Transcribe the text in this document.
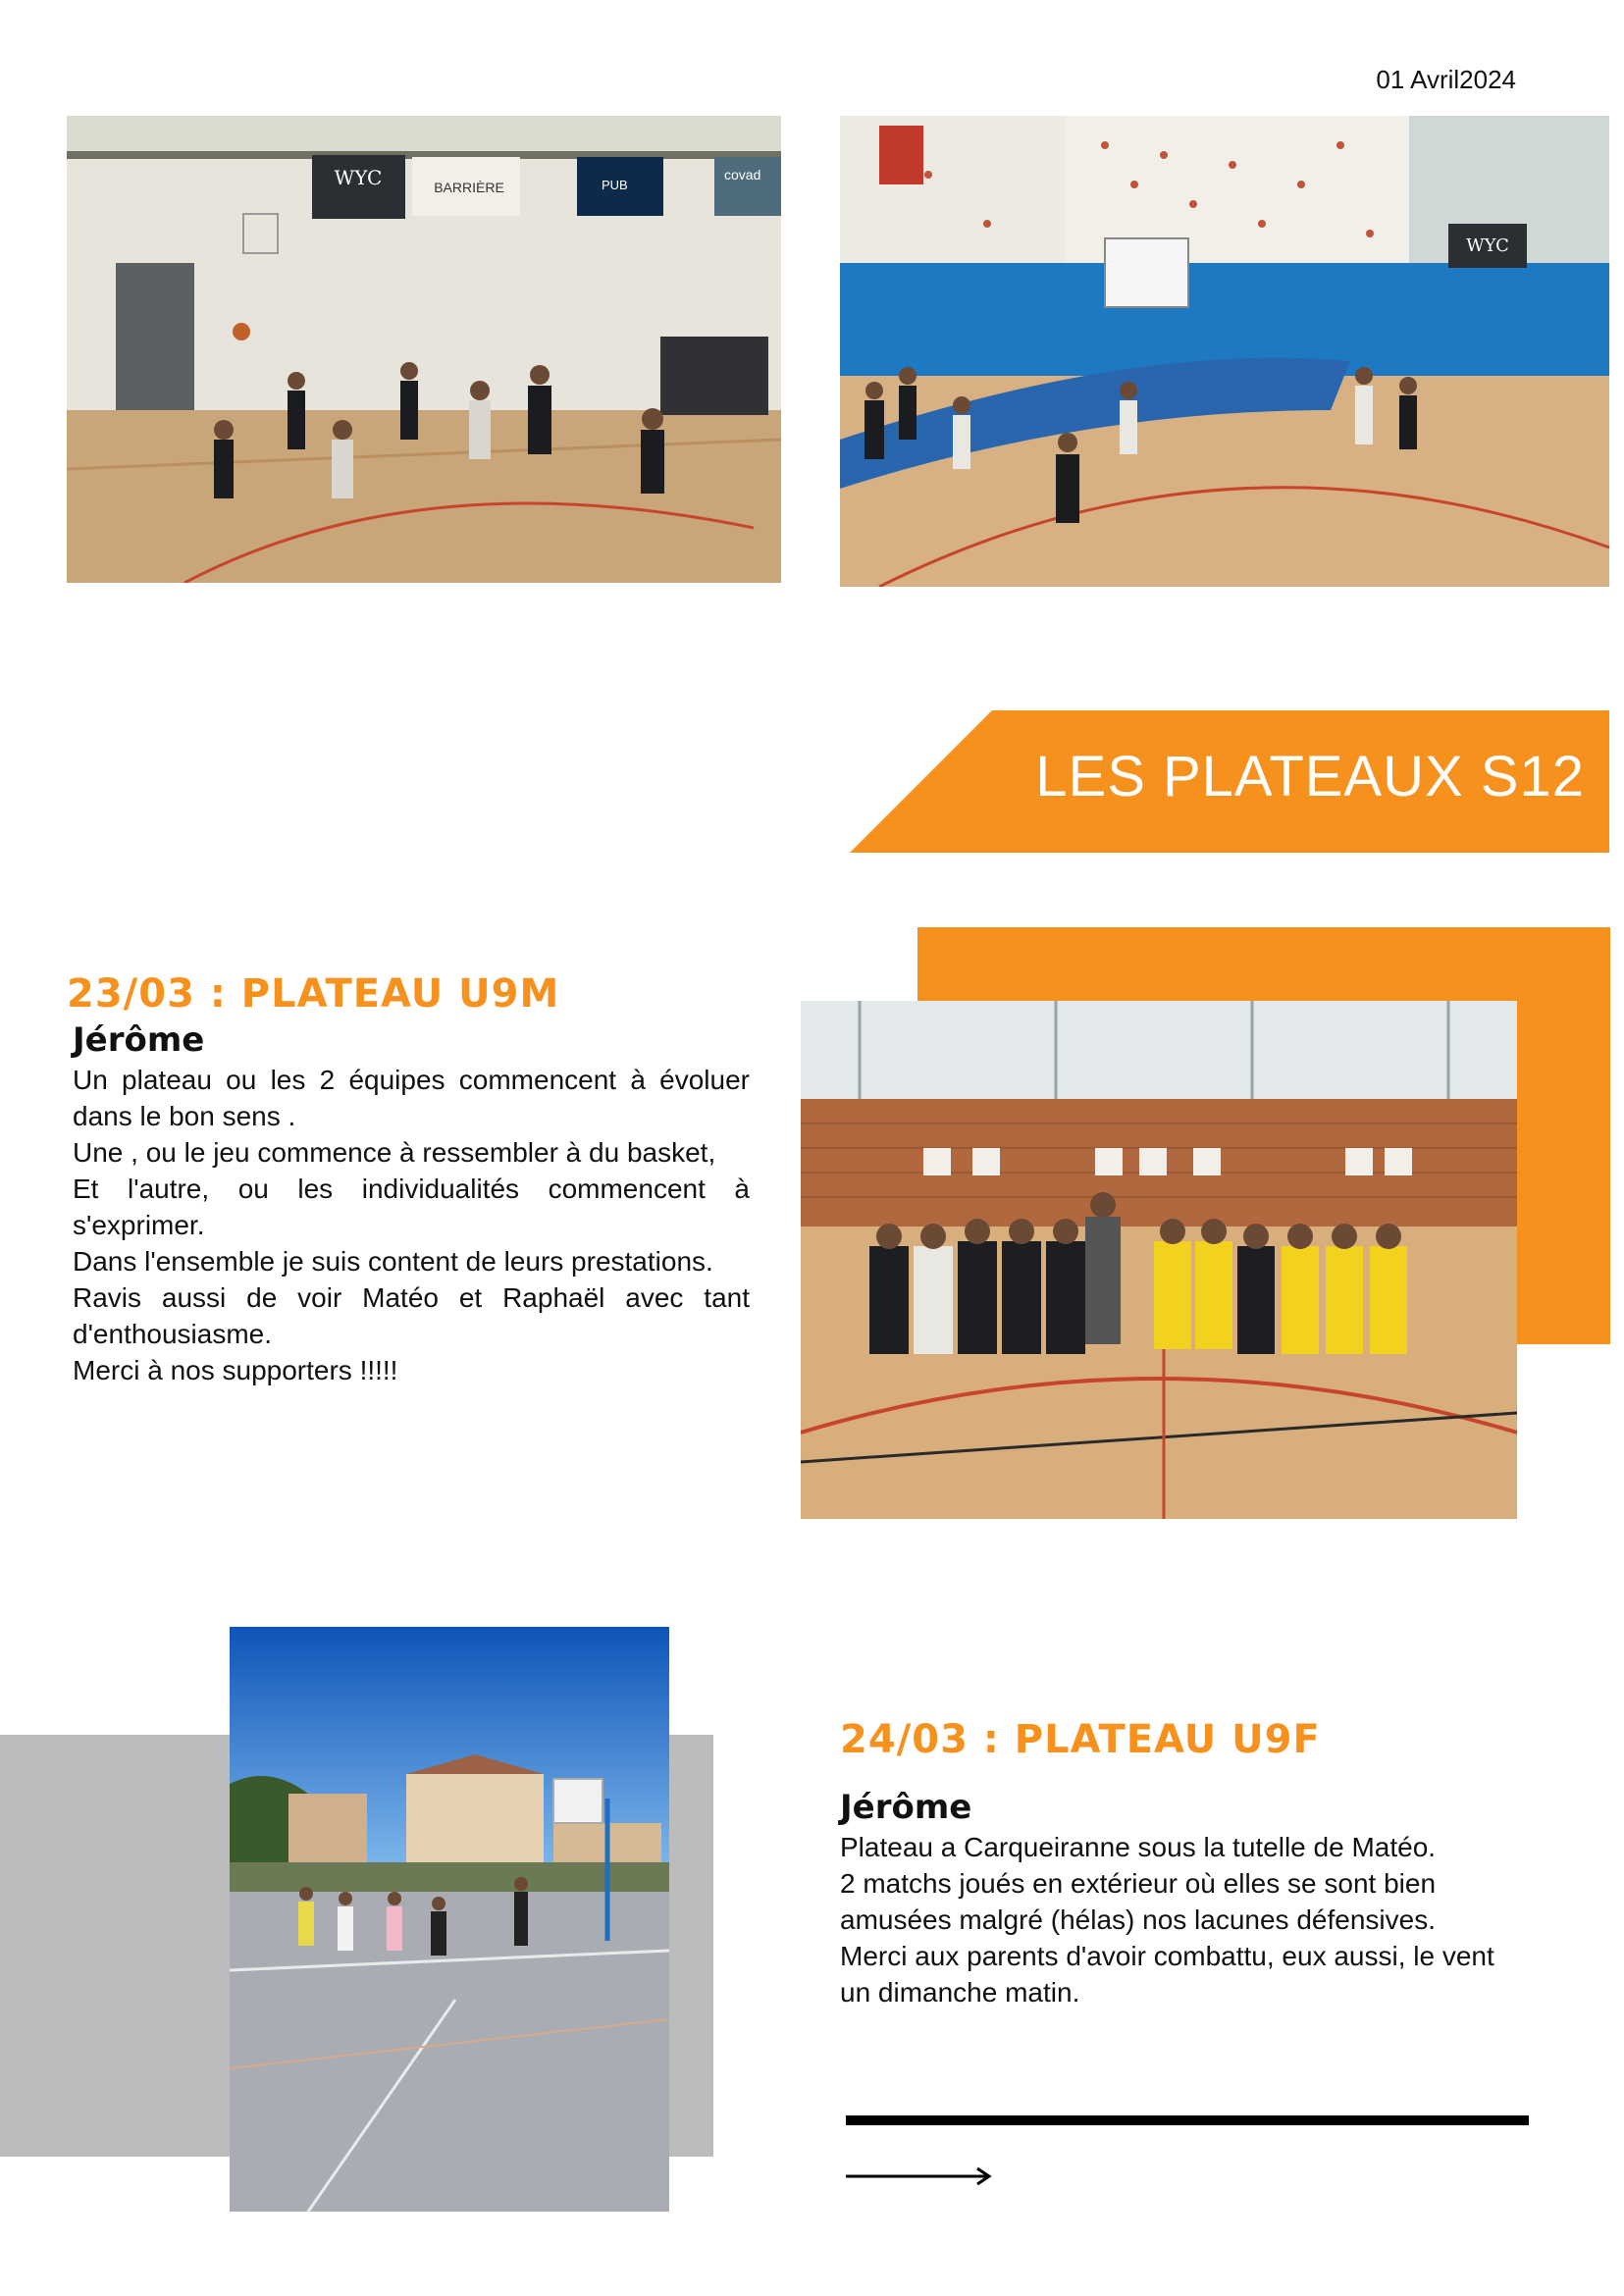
01 Avril2024
WYC	BARRIÈRE	PUB
covad
WYC
LES PLATEAUX S12
23/03 : PLATEAU U9M
Jérôme

Un plateau ou les 2 équipes commencent à évoluer dans le bon sens .

Une , ou le jeu commence à ressembler à du basket,

Et l'autre, ou les individualités commencent à s'exprimer.

Dans l'ensemble je suis content de leurs prestations.

Ravis aussi de voir Matéo et Raphaël avec tant d'enthousiasme.

Merci à nos supporters !!!!!

24/03 : PLATEAU U9F
Jérôme

Plateau a Carqueiranne sous la tutelle de Matéo.

2 matchs joués en extérieur où elles se sont bien amusées malgré (hélas) nos lacunes défensives.

Merci aux parents d'avoir combattu, eux aussi, le vent un dimanche matin.
